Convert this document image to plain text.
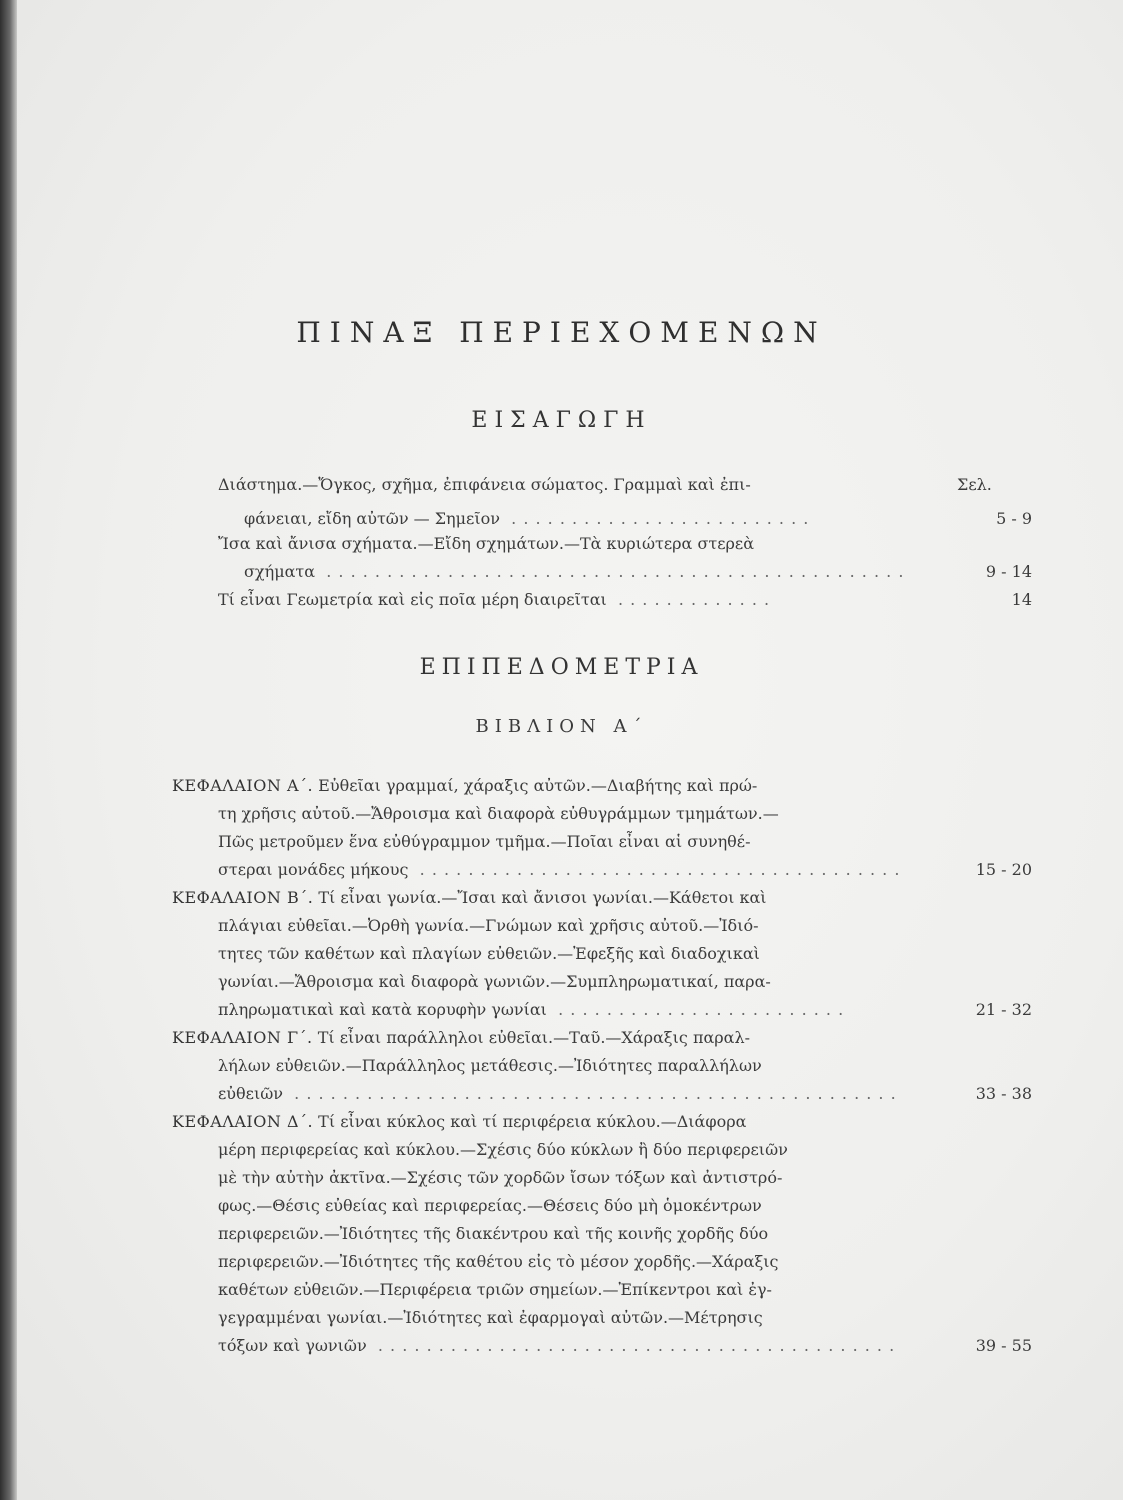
ΠΙΝΑΞ ΠΕΡΙΕΧΟΜΕΝΩΝ
ΕΙΣΑΓΩΓΗ
Διάστημα.—Ὄγκος, σχῆμα, ἐπιφάνεια σώματος. Γραμμαὶ καὶ ἐπι-	Σελ.
φάνειαι, εἴδη αὐτῶν — Σημεῖον  . . . . . . . . . . . . . . . . . . . . . . . . .	5 - 9
Ἴσα καὶ ἄνισα σχήματα.—Εἴδη σχημάτων.—Τὰ κυριώτερα στερεὰ
σχήματα  . . . . . . . . . . . . . . . . . . . . . . . . . . . . . . . . . . . . . . . . . . . . . . . .	9 - 14
Τί εἶναι Γεωμετρία καὶ εἰς ποῖα μέρη διαιρεῖται  . . . . . . . . . . . . .	14
ΕΠΙΠΕΔΟΜΕΤΡΙΑ
ΒΙΒΛΙΟΝ Α΄
ΚΕΦΑΛΑΙΟΝ Α΄. Εὐθεῖαι γραμμαί, χάραξις αὐτῶν.—Διαβήτης καὶ πρώ-
τη χρῆσις αὐτοῦ.—Ἄθροισμα καὶ διαφορὰ εὐθυγράμμων τμημάτων.—
Πῶς μετροῦμεν ἕνα εὐθύγραμμον τμῆμα.—Ποῖαι εἶναι αἱ συνηθέ-
στεραι μονάδες μήκους  . . . . . . . . . . . . . . . . . . . . . . . . . . . . . . . . . . . . . . . .	15 - 20
ΚΕΦΑΛΑΙΟΝ Β΄. Τί εἶναι γωνία.—Ἴσαι καὶ ἄνισοι γωνίαι.—Κάθετοι καὶ
πλάγιαι εὐθεῖαι.—Ὀρθὴ γωνία.—Γνώμων καὶ χρῆσις αὐτοῦ.—Ἰδιό-
τητες τῶν καθέτων καὶ πλαγίων εὐθειῶν.—Ἐφεξῆς καὶ διαδοχικαὶ
γωνίαι.—Ἄθροισμα καὶ διαφορὰ γωνιῶν.—Συμπληρωματικαί, παρα-
πληρωματικαὶ καὶ κατὰ κορυφὴν γωνίαι  . . . . . . . . . . . . . . . . . . . . . . . .	21 - 32
ΚΕΦΑΛΑΙΟΝ Γ΄. Τί εἶναι παράλληλοι εὐθεῖαι.—Ταῦ.—Χάραξις παραλ-
λήλων εὐθειῶν.—Παράλληλος μετάθεσις.—Ἰδιότητες παραλλήλων
εὐθειῶν  . . . . . . . . . . . . . . . . . . . . . . . . . . . . . . . . . . . . . . . . . . . . . . . . . .	33 - 38
ΚΕΦΑΛΑΙΟΝ Δ΄. Τί εἶναι κύκλος καὶ τί περιφέρεια κύκλου.—Διάφορα
μέρη περιφερείας καὶ κύκλου.—Σχέσις δύο κύκλων ἢ δύο περιφερειῶν
μὲ τὴν αὐτὴν ἀκτῖνα.—Σχέσις τῶν χορδῶν ἴσων τόξων καὶ ἀντιστρό-
φως.—Θέσις εὐθείας καὶ περιφερείας.—Θέσεις δύο μὴ ὁμοκέντρων
περιφερειῶν.—Ἰδιότητες τῆς διακέντρου καὶ τῆς κοινῆς χορδῆς δύο
περιφερειῶν.—Ἰδιότητες τῆς καθέτου εἰς τὸ μέσον χορδῆς.—Χάραξις
καθέτων εὐθειῶν.—Περιφέρεια τριῶν σημείων.—Ἐπίκεντροι καὶ ἐγ-
γεγραμμέναι γωνίαι.—Ἰδιότητες καὶ ἐφαρμογαὶ αὐτῶν.—Μέτρησις
τόξων καὶ γωνιῶν  . . . . . . . . . . . . . . . . . . . . . . . . . . . . . . . . . . . . . . . . . . .	39 - 55
